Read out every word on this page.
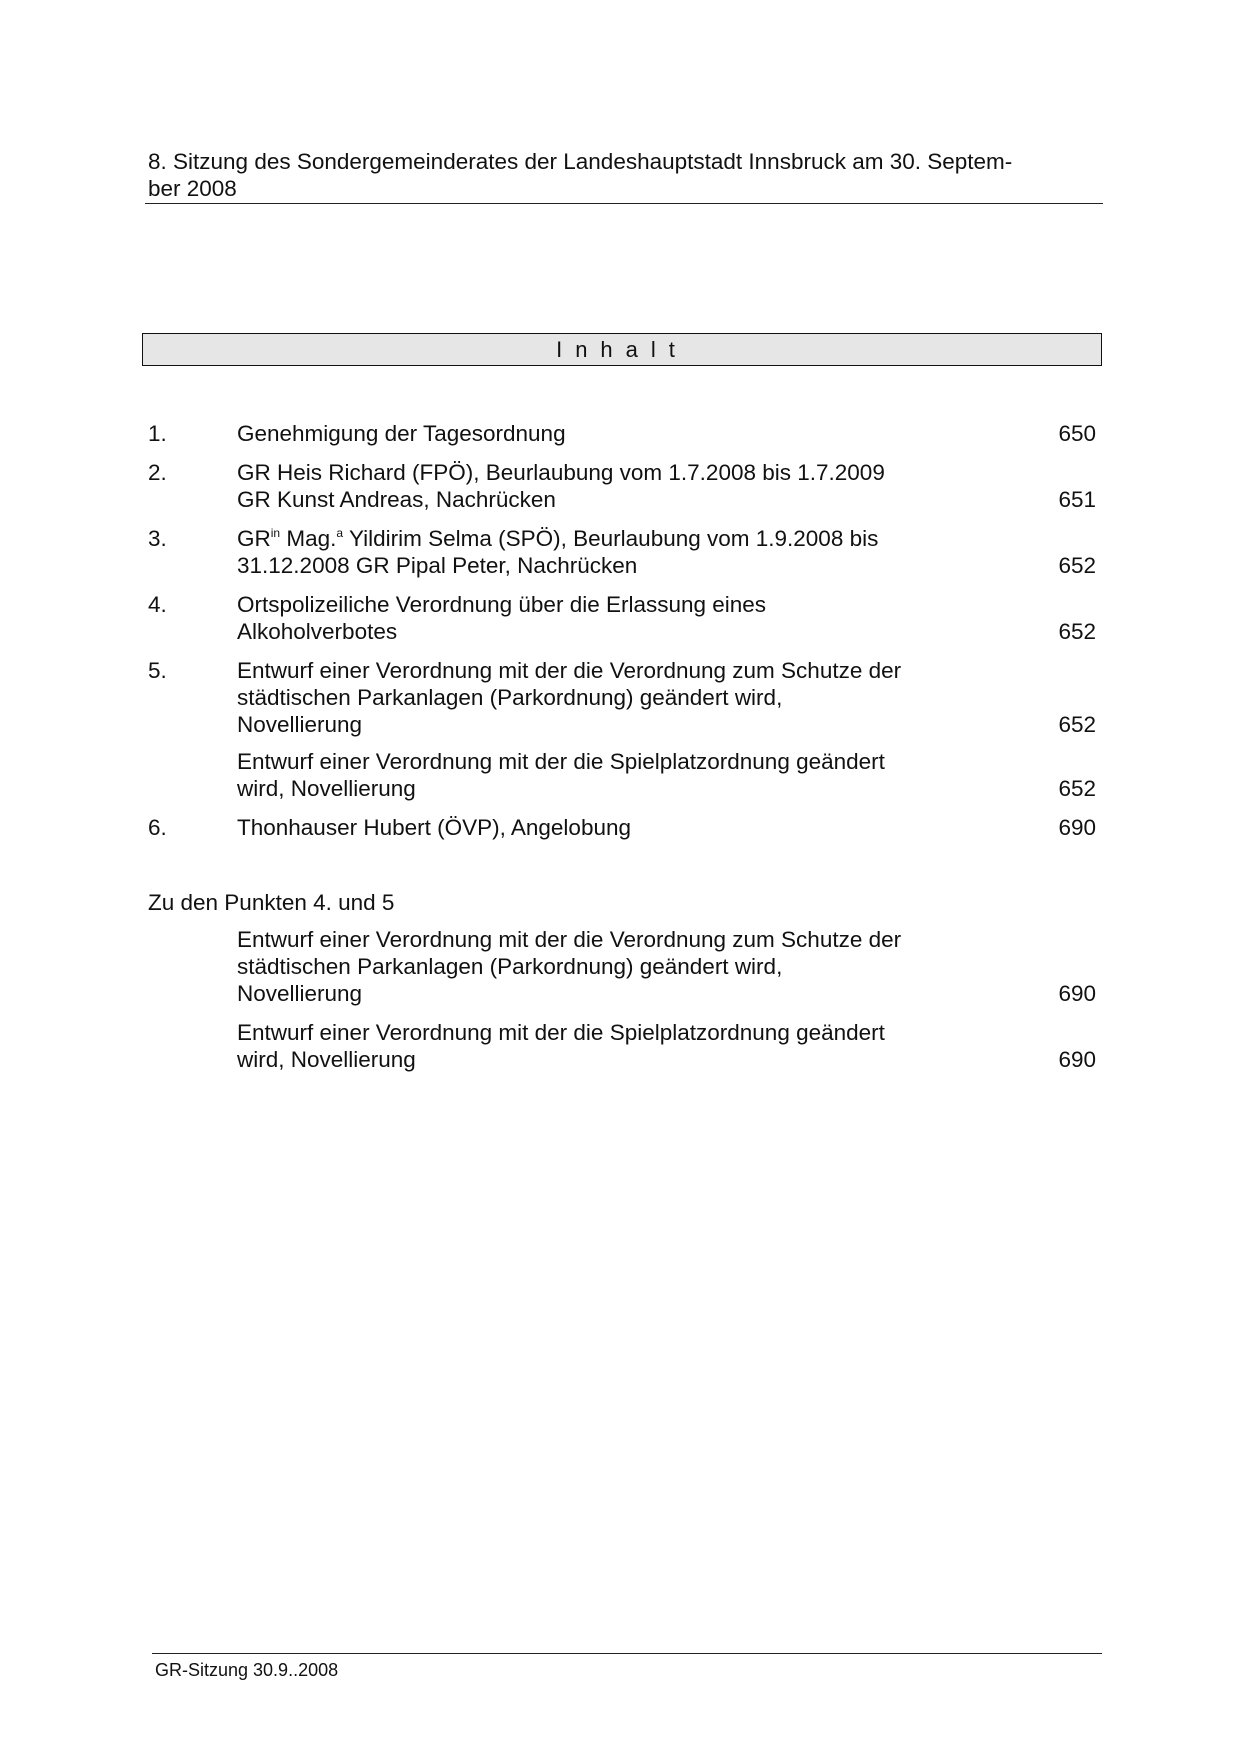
8. Sitzung des Sondergemeinderates der Landeshauptstadt Innsbruck am 30. Septem-
ber 2008
Inhalt
1.	Genehmigung der Tagesordnung	650
2.	GR Heis Richard (FPÖ), Beurlaubung vom 1.7.2008 bis 1.7.2009
GR Kunst Andreas, Nachrücken	651
3.	$GR^{in}$ Mag.$^a$ Yildirim Selma (SPÖ), Beurlaubung vom 1.9.2008 bis
31.12.2008 GR Pipal Peter, Nachrücken	652
4.	Ortspolizeiliche Verordnung über die Erlassung eines
Alkoholverbotes	652
5.	Entwurf einer Verordnung mit der die Verordnung zum Schutze der
städtischen Parkanlagen (Parkordnung) geändert wird,
Novellierung	652
Entwurf einer Verordnung mit der die Spielplatzordnung geändert
wird, Novellierung	652
6.	Thonhauser Hubert (ÖVP), Angelobung	690
Zu den Punkten 4. und 5
Entwurf einer Verordnung mit der die Verordnung zum Schutze der
städtischen Parkanlagen (Parkordnung) geändert wird,
Novellierung	690
Entwurf einer Verordnung mit der die Spielplatzordnung geändert
wird, Novellierung	690
GR-Sitzung 30.9..2008
